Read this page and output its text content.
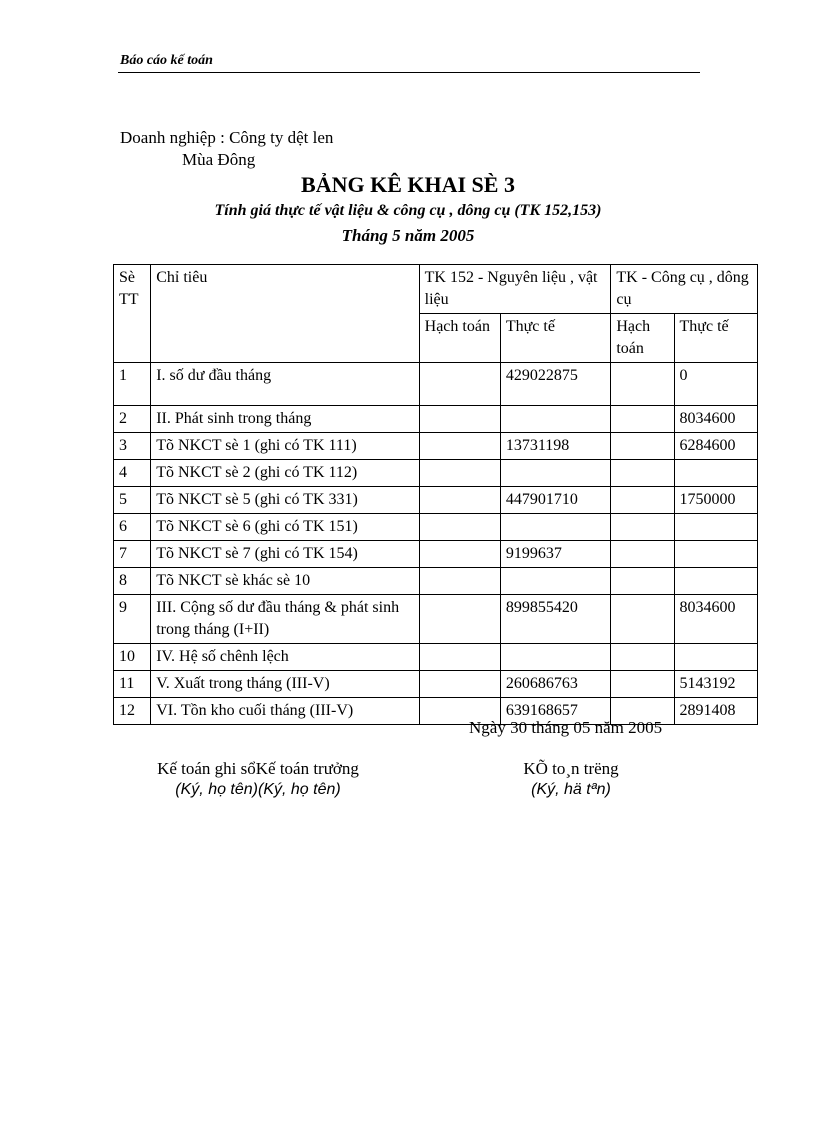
Báo cáo kế toán
Doanh nghiệp : Công ty dệt len
Mùa Đông
BẢNG KÊ KHAI SÈ 3
Tính giá thực tế vật liệu & công cụ , dông cụ (TK 152,153)
Tháng 5 năm 2005
Sè TT	Chỉ tiêu	TK 152 - Nguyên liệu , vật liệu		TK - Công cụ , dông cụ	
		Hạch toán	Thực tế	Hạch toán	Thực tế
1	I. số dư đầu tháng		429022875		0
2	II. Phát sinh trong tháng				8034600
3	Tõ NKCT sè 1 (ghi có TK 111)		13731198		6284600
4	Tõ NKCT sè 2 (ghi có TK 112)				
5	Tõ NKCT sè 5 (ghi có TK 331)		447901710		1750000
6	Tõ NKCT sè 6 (ghi có TK 151)				
7	Tõ NKCT sè 7 (ghi có TK 154)		9199637		
8	Tõ NKCT sè khác sè 10				
9	III. Cộng số dư đầu tháng & phát sinh trong tháng (I+II)		899855420		8034600
10	IV. Hệ số chênh lệch				
11	V. Xuất trong tháng (III-V)		260686763		5143192
12	VI. Tồn kho cuối tháng (III-V)		639168657		2891408
Ngày 30 tháng 05 năm 2005
Kế toán ghi sổKế toán trưởng
(Ký, họ tên)(Ký, họ tên)
KÕ to¸n trëng
(Ký, hä tªn)
